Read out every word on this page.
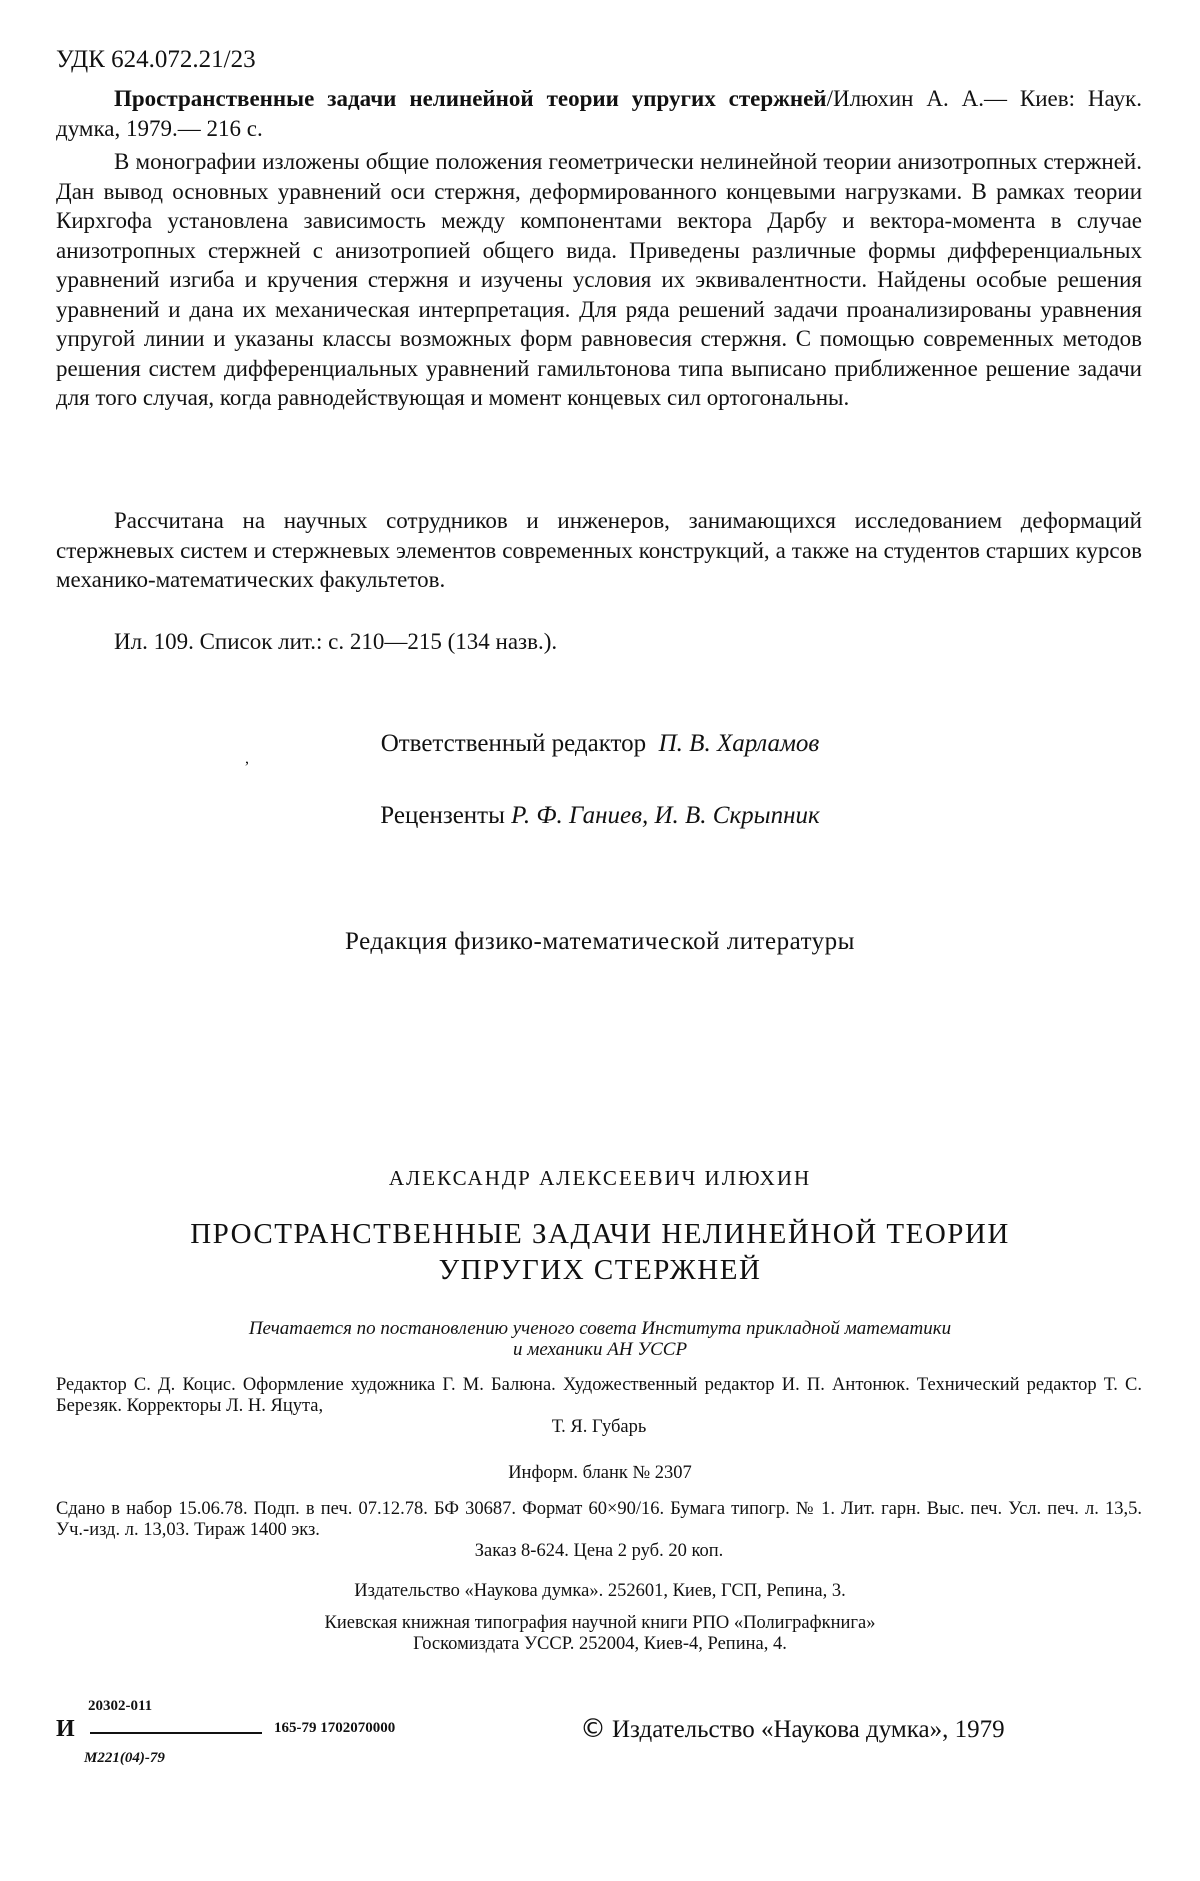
УДК 624.072.21/23

Пространственные задачи нелинейной теории упругих стержней/Илюхин А. А.— Киев: Наук. думка, 1979.— 216 с.

В монографии изложены общие положения геометрически нелинейной теории анизотропных стержней. Дан вывод основных уравнений оси стержня, деформированного концевыми нагрузками. В рамках теории Кирхгофа установлена зависимость между компонентами вектора Дарбу и вектора-момента в случае анизотропных стержней с анизотропией общего вида. Приведены различные формы дифференциальных уравнений изгиба и кручения стержня и изучены условия их эквивалентности. Найдены особые решения уравнений и дана их механическая интерпретация. Для ряда решений задачи проанализированы уравнения упругой линии и указаны классы возможных форм равновесия стержня. С помощью современных методов решения систем дифференциальных уравнений гамильтонова типа выписано приближенное решение задачи для того случая, когда равнодействующая и момент концевых сил ортогональны.

Рассчитана на научных сотрудников и инженеров, занимающихся исследованием деформаций стержневых систем и стержневых элементов современных конструкций, а также на студентов старших курсов механико-математических факультетов.

Ил. 109. Список лит.: с. 210—215 (134 назв.).

,
Ответственный редактор П. В. Харламов
Рецензенты Р. Ф. Ганиев, И. В. Скрыпник
Редакция физико-математической литературы
АЛЕКСАНДР АЛЕКСЕЕВИЧ ИЛЮХИН
ПРОСТРАНСТВЕННЫЕ ЗАДАЧИ НЕЛИНЕЙНОЙ ТЕОРИИ
УПРУГИХ СТЕРЖНЕЙ
Печатается по постановлению ученого совета Института прикладной математики
и механики АН УССР
Редактор С. Д. Коцис. Оформление художника Г. М. Балюна. Художественный редактор И. П. Антонюк. Технический редактор Т. С. Березяк. Корректоры Л. Н. Яцута,
Т. Я. Губарь
Информ. бланк № 2307
Сдано в набор 15.06.78. Подп. в печ. 07.12.78. БФ 30687. Формат 60×90/16. Бумага типогр. № 1. Лит. гарн. Выс. печ. Усл. печ. л. 13,5. Уч.-изд. л. 13,03. Тираж 1400 экз.
Заказ 8-624. Цена 2 руб. 20 коп.
Издательство «Наукова думка». 252601, Киев, ГСП, Репина, 3.
Киевская книжная типография научной книги РПО «Полиграфкнига»
Госкомиздата УССР. 252004, Киев-4, Репина, 4.
20302-011
И	165-79 1702070000
М221(04)-79
© Издательство «Наукова думка», 1979
